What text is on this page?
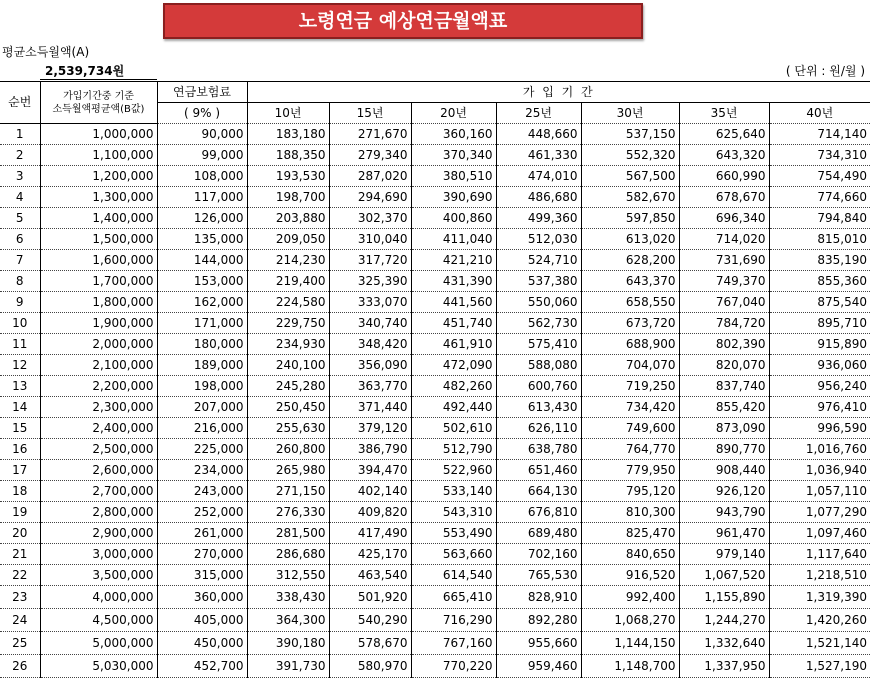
노령연금 예상연금월액표
평균소득월액(A)
2,539,734원	( 단위 : 원/월 )
순번	가입기간중 기준
소득월액평균액(B값)	연금보험료	가 입 기 간						
		( 9% )	10년	15년	20년	25년	30년	35년	40년
1	1,000,000	90,000	183,180	271,670	360,160	448,660	537,150	625,640	714,140
2	1,100,000	99,000	188,350	279,340	370,340	461,330	552,320	643,320	734,310
3	1,200,000	108,000	193,530	287,020	380,510	474,010	567,500	660,990	754,490
4	1,300,000	117,000	198,700	294,690	390,690	486,680	582,670	678,670	774,660
5	1,400,000	126,000	203,880	302,370	400,860	499,360	597,850	696,340	794,840
6	1,500,000	135,000	209,050	310,040	411,040	512,030	613,020	714,020	815,010
7	1,600,000	144,000	214,230	317,720	421,210	524,710	628,200	731,690	835,190
8	1,700,000	153,000	219,400	325,390	431,390	537,380	643,370	749,370	855,360
9	1,800,000	162,000	224,580	333,070	441,560	550,060	658,550	767,040	875,540
10	1,900,000	171,000	229,750	340,740	451,740	562,730	673,720	784,720	895,710
11	2,000,000	180,000	234,930	348,420	461,910	575,410	688,900	802,390	915,890
12	2,100,000	189,000	240,100	356,090	472,090	588,080	704,070	820,070	936,060
13	2,200,000	198,000	245,280	363,770	482,260	600,760	719,250	837,740	956,240
14	2,300,000	207,000	250,450	371,440	492,440	613,430	734,420	855,420	976,410
15	2,400,000	216,000	255,630	379,120	502,610	626,110	749,600	873,090	996,590
16	2,500,000	225,000	260,800	386,790	512,790	638,780	764,770	890,770	1,016,760
17	2,600,000	234,000	265,980	394,470	522,960	651,460	779,950	908,440	1,036,940
18	2,700,000	243,000	271,150	402,140	533,140	664,130	795,120	926,120	1,057,110
19	2,800,000	252,000	276,330	409,820	543,310	676,810	810,300	943,790	1,077,290
20	2,900,000	261,000	281,500	417,490	553,490	689,480	825,470	961,470	1,097,460
21	3,000,000	270,000	286,680	425,170	563,660	702,160	840,650	979,140	1,117,640
22	3,500,000	315,000	312,550	463,540	614,540	765,530	916,520	1,067,520	1,218,510
23	4,000,000	360,000	338,430	501,920	665,410	828,910	992,400	1,155,890	1,319,390
24	4,500,000	405,000	364,300	540,290	716,290	892,280	1,068,270	1,244,270	1,420,260
25	5,000,000	450,000	390,180	578,670	767,160	955,660	1,144,150	1,332,640	1,521,140
26	5,030,000	452,700	391,730	580,970	770,220	959,460	1,148,700	1,337,950	1,527,190
